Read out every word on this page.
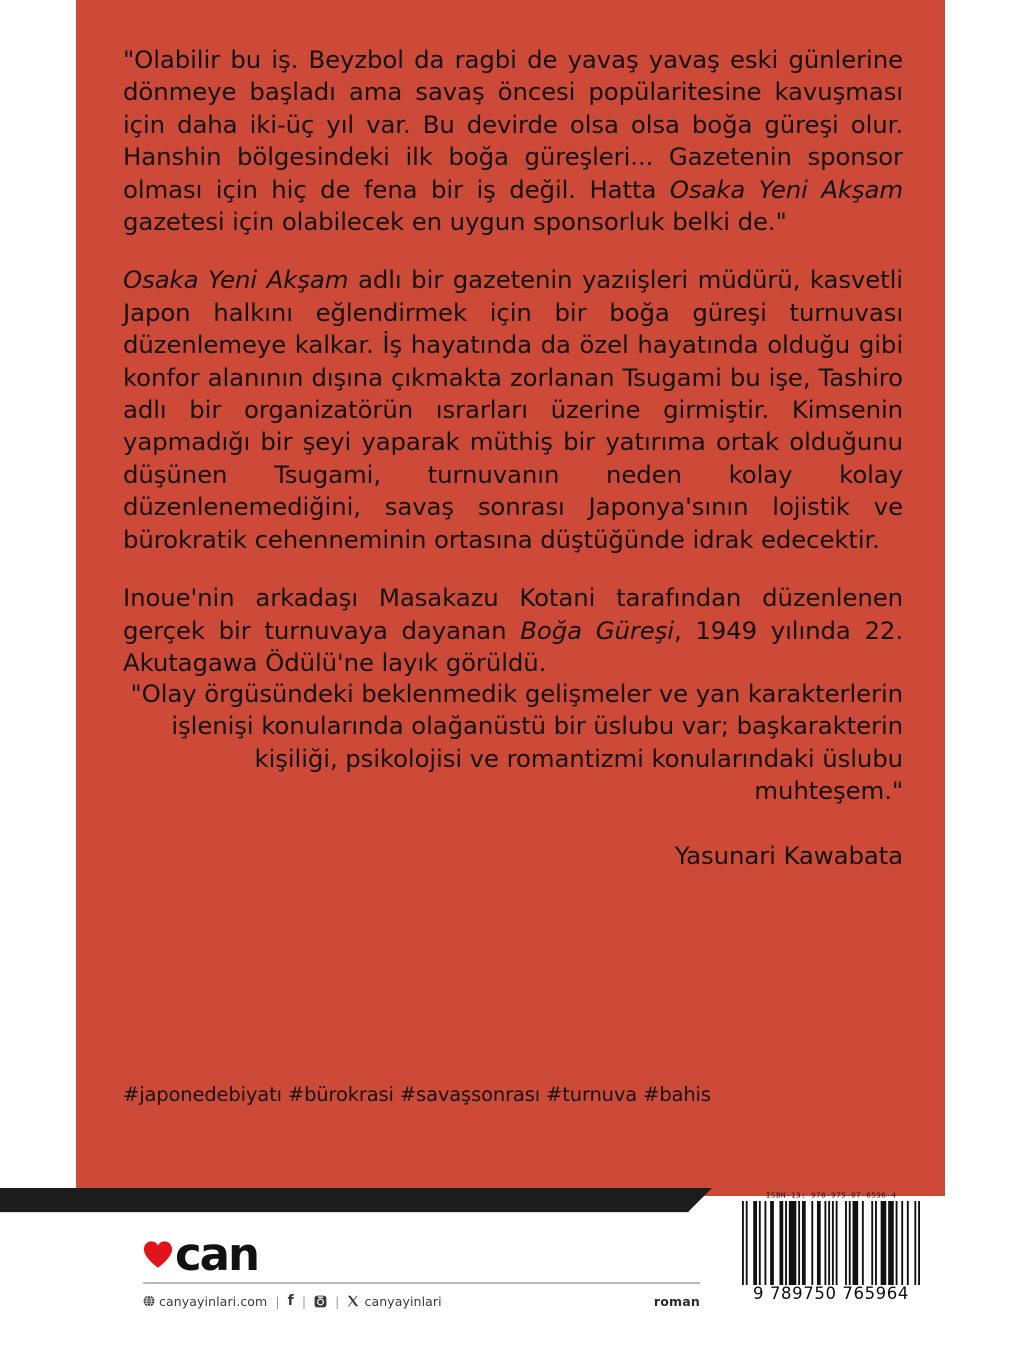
"Olabilir bu iş. Beyzbol da ragbi de yavaş yavaş eski günlerine dönmeye başladı ama savaş öncesi popülaritesine kavuşması için daha iki-üç yıl var. Bu devirde olsa olsa boğa güreşi olur. Hanshin bölgesindeki ilk boğa güreşleri... Gazetenin sponsor olması için hiç de fena bir iş değil. Hatta Osaka Yeni Akşam gazetesi için olabilecek en uygun sponsorluk belki de."

Osaka Yeni Akşam adlı bir gazetenin yazıişleri müdürü, kasvetli Japon halkını eğlendirmek için bir boğa güreşi turnuvası düzenlemeye kalkar. İş hayatında da özel hayatında olduğu gibi konfor alanının dışına çıkmakta zorlanan Tsugami bu işe, Tashiro adlı bir organizatörün ısrarları üzerine girmiştir. Kimsenin yapmadığı bir şeyi yaparak müthiş bir yatırıma ortak olduğunu düşünen Tsugami, turnuvanın neden kolay kolay düzenlenemediğini, savaş sonrası Japonya'sının lojistik ve bürokratik cehenneminin ortasına düştüğünde idrak edecektir.

Inoue'nin arkadaşı Masakazu Kotani tarafından düzenlenen gerçek bir turnuvaya dayanan Boğa Güreşi, 1949 yılında 22. Akutagawa Ödülü'ne layık görüldü.

"Olay örgüsündeki beklenmedik gelişmeler ve yan karakterlerin işlenişi konularında olağanüstü bir üslubu var; başkarakterin kişiliği, psikolojisi ve romantizmi konularındaki üslubu muhteşem."

Yasunari Kawabata

#japonedebiyatı #bürokrasi #savaşsonrası #turnuva #bahis
can
canyayinlari.com | f | | canyayinlari	roman
ISBN-13: 978-975-07-6596-4
9 789750 765964
